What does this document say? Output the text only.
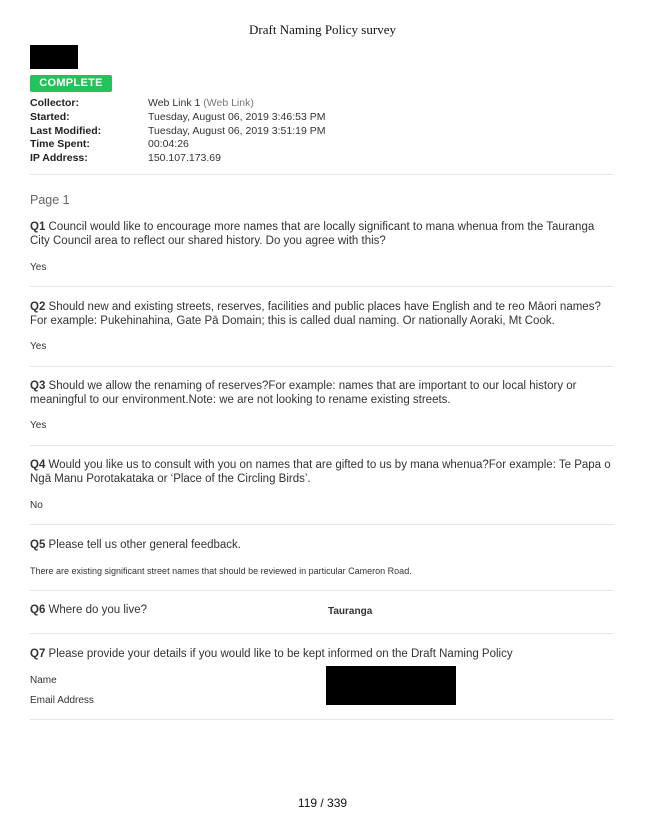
Draft Naming Policy survey
COMPLETE
Collector:	Web Link 1 (Web Link)
Started:	Tuesday, August 06, 2019 3:46:53 PM
Last Modified:	Tuesday, August 06, 2019 3:51:19 PM
Time Spent:	00:04:26
IP Address:	150.107.173.69
Page 1
Q1 Council would like to encourage more names that are locally significant to mana whenua from the Tauranga City Council area to reflect our shared history. Do you agree with this?
Yes
Q2 Should new and existing streets, reserves, facilities and public places have English and te reo Māori names?For example: Pukehinahina, Gate Pā Domain; this is called dual naming. Or nationally Aoraki, Mt Cook.
Yes
Q3 Should we allow the renaming of reserves?For example: names that are important to our local history or meaningful to our environment.Note: we are not looking to rename existing streets.
Yes
Q4 Would you like us to consult with you on names that are gifted to us by mana whenua?For example: Te Papa o Ngā Manu Porotakataka or ‘Place of the Circling Birds’.
No
Q5 Please tell us other general feedback.
There are existing significant street names that should be reviewed in particular Cameron Road.
Q6 Where do you live?	Tauranga
Q7 Please provide your details if you would like to be kept informed on the Draft Naming Policy
Name
Email Address
119 / 339
